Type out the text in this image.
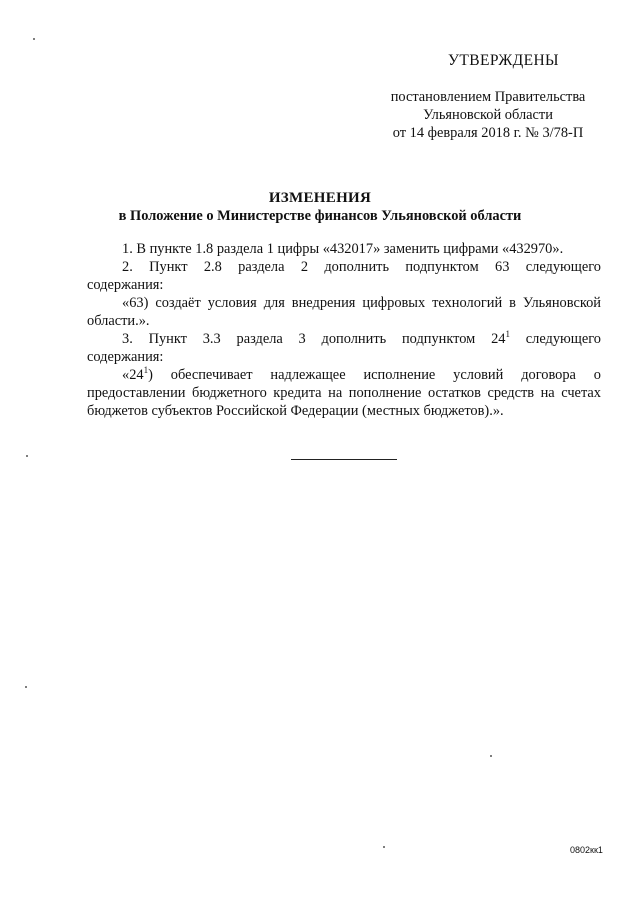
УТВЕРЖДЕНЫ
постановлением Правительства
Ульяновской области
от 14 февраля 2018 г. № 3/78-П
ИЗМЕНЕНИЯ
в Положение о Министерстве финансов Ульяновской области

1. В пункте 1.8 раздела 1 цифры «432017» заменить цифрами «432970».

2. Пункт 2.8 раздела 2 дополнить подпунктом 63 следующего

содержания:

«63) создаёт условия для внедрения цифровых технологий в Ульяновской области.».

3. Пункт 3.3 раздела 3 дополнить подпунктом $24^1$ следующего

содержания:

«$24^1$) обеспечивает надлежащее исполнение условий договора о предоставлении бюджетного кредита на пополнение остатков средств на счетах бюджетов субъектов Российской Федерации (местных бюджетов).».

0802кк1
